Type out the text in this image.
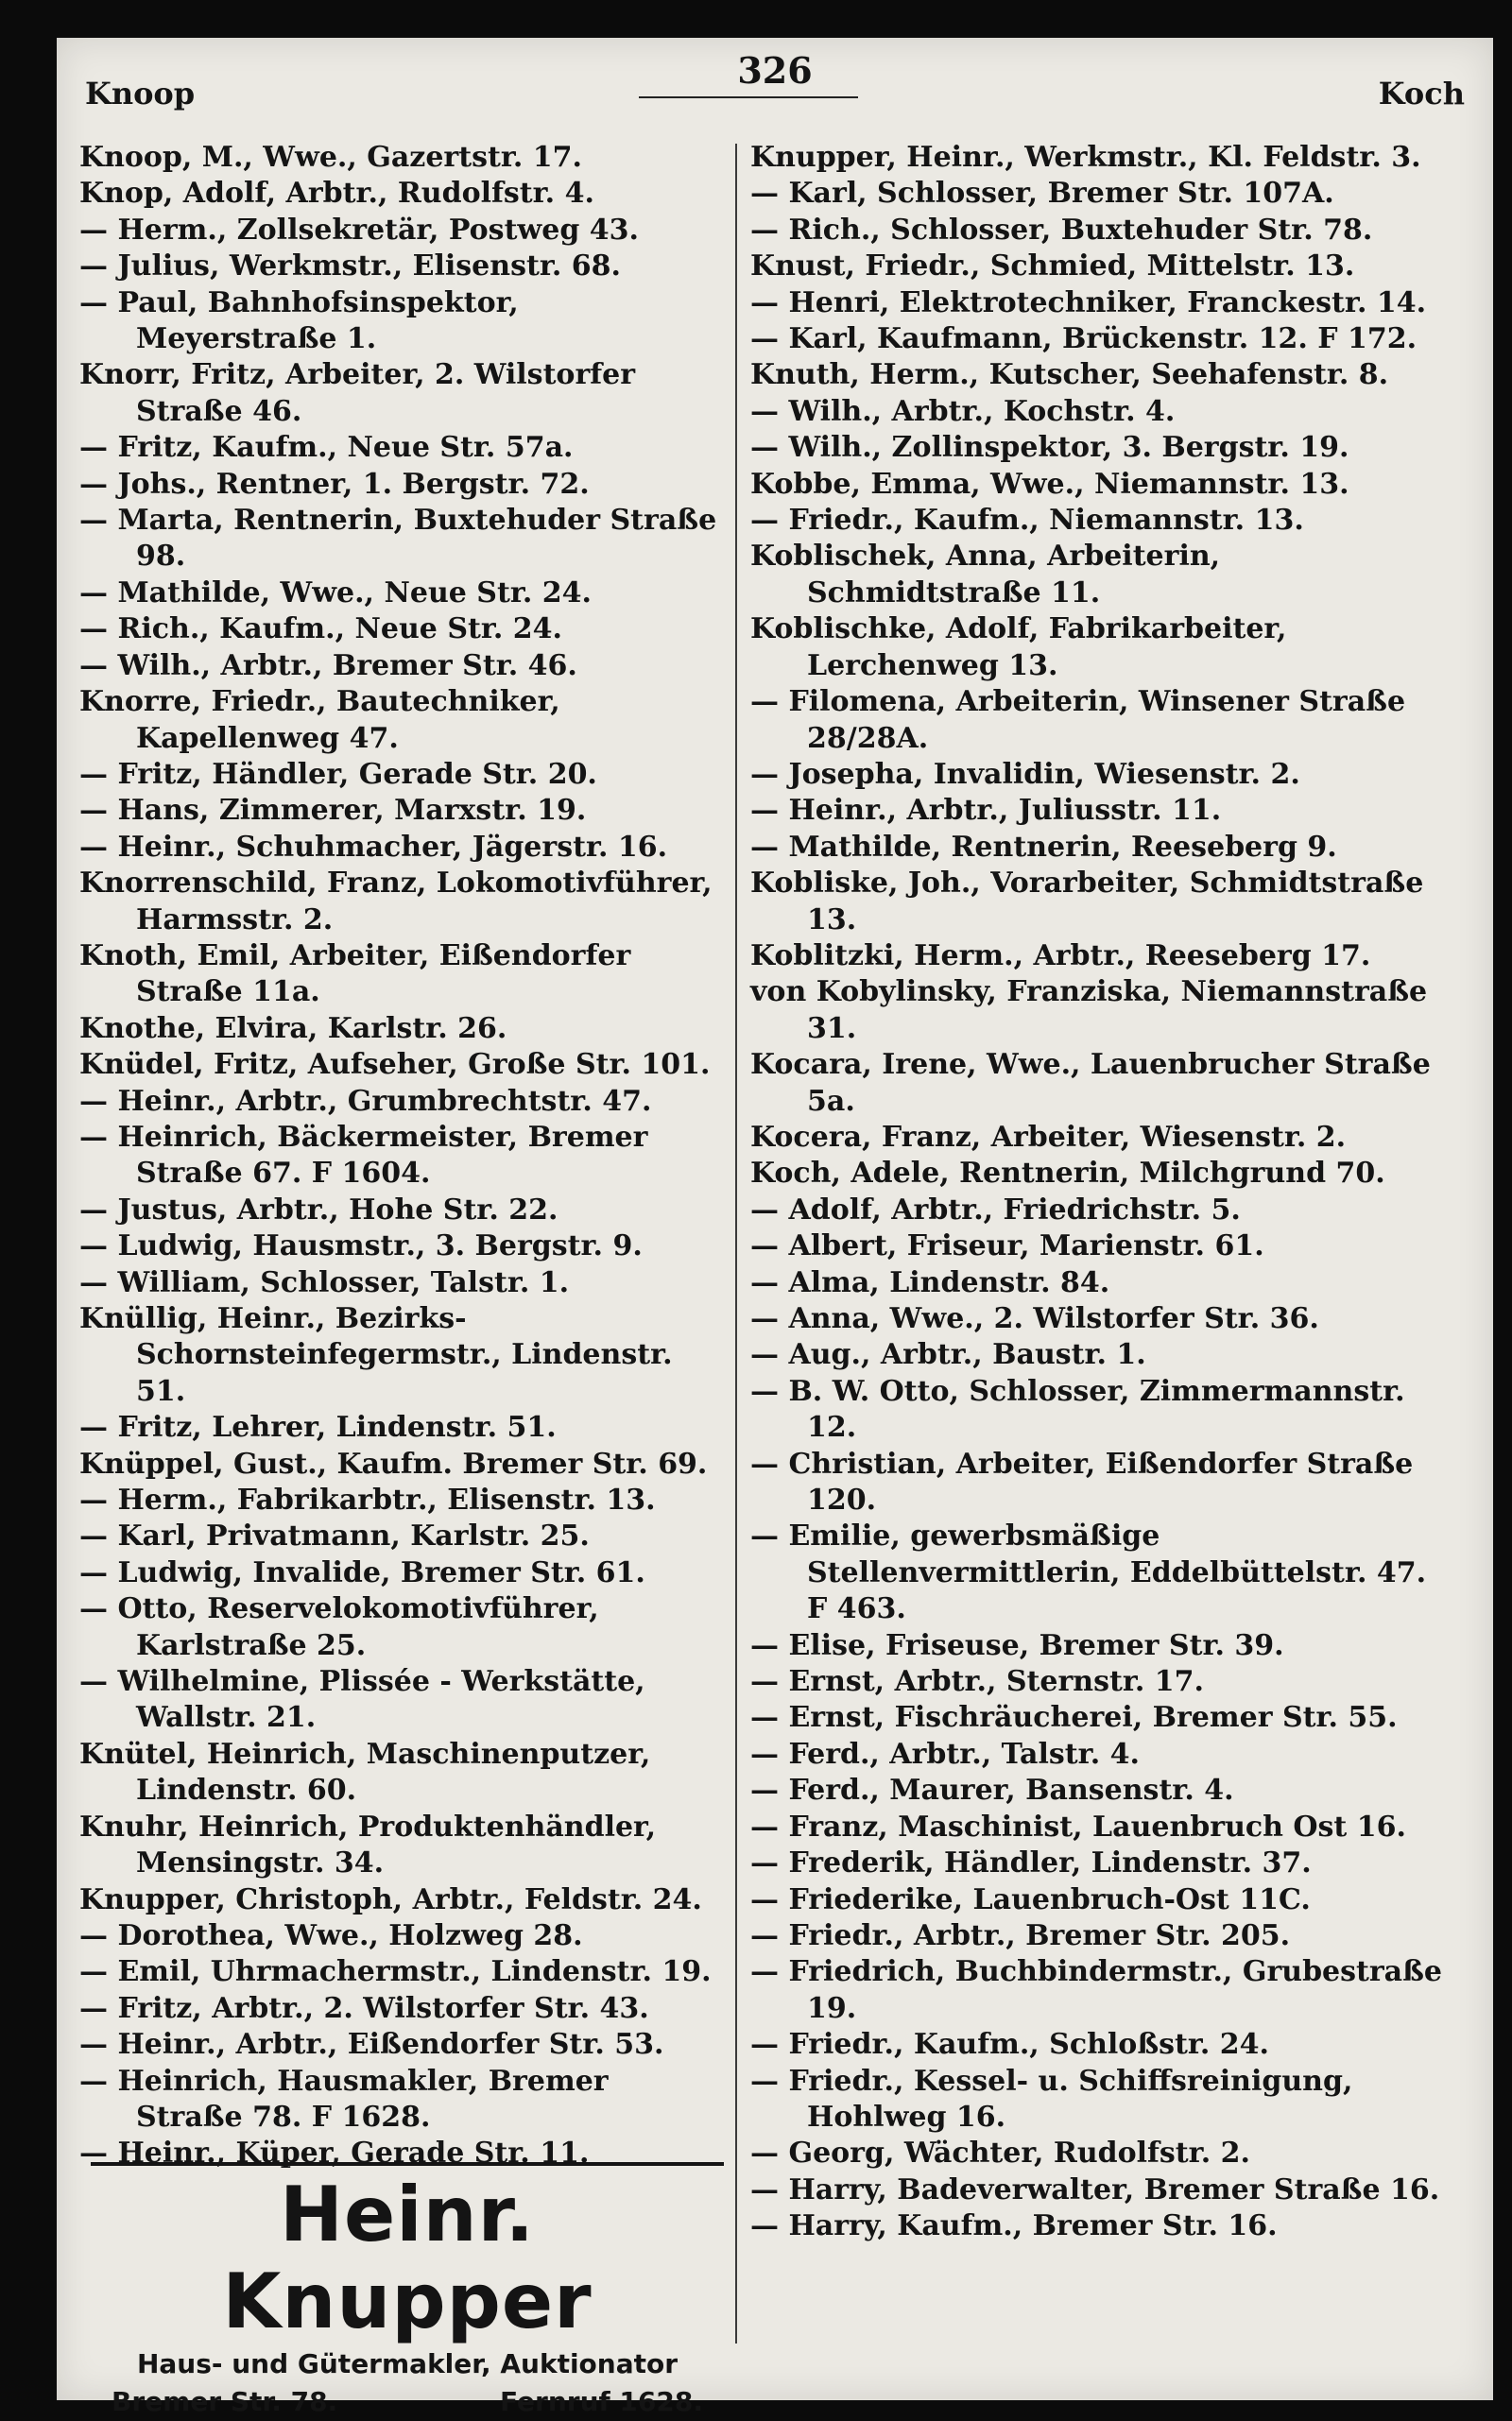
Knoop
326
Koch
Knoop, M., Wwe., Gazertstr. 17.
Knop, Adolf, Arbtr., Rudolfstr. 4.
— Herm., Zollsekretär, Postweg 43.
— Julius, Werkmstr., Elisenstr. 68.
— Paul, Bahnhofsinspektor, Meyerstraße 1.
Knorr, Fritz, Arbeiter, 2. Wilstorfer Straße 46.
— Fritz, Kaufm., Neue Str. 57a.
— Johs., Rentner, 1. Bergstr. 72.
— Marta, Rentnerin, Buxtehuder Straße 98.
— Mathilde, Wwe., Neue Str. 24.
— Rich., Kaufm., Neue Str. 24.
— Wilh., Arbtr., Bremer Str. 46.
Knorre, Friedr., Bautechniker, Kapellenweg 47.
— Fritz, Händler, Gerade Str. 20.
— Hans, Zimmerer, Marxstr. 19.
— Heinr., Schuhmacher, Jägerstr. 16.
Knorrenschild, Franz, Lokomotivführer, Harmsstr. 2.
Knoth, Emil, Arbeiter, Eißendorfer Straße 11a.
Knothe, Elvira, Karlstr. 26.
Knüdel, Fritz, Aufseher, Große Str. 101.
— Heinr., Arbtr., Grumbrechtstr. 47.
— Heinrich, Bäckermeister, Bremer Straße 67. F 1604.
— Justus, Arbtr., Hohe Str. 22.
— Ludwig, Hausmstr., 3. Bergstr. 9.
— William, Schlosser, Talstr. 1.
Knüllig, Heinr., Bezirks-Schornsteinfegermstr., Lindenstr. 51.
— Fritz, Lehrer, Lindenstr. 51.
Knüppel, Gust., Kaufm. Bremer Str. 69.
— Herm., Fabrikarbtr., Elisenstr. 13.
— Karl, Privatmann, Karlstr. 25.
— Ludwig, Invalide, Bremer Str. 61.
— Otto, Reservelokomotivführer, Karlstraße 25.
— Wilhelmine, Plissée - Werkstätte, Wallstr. 21.
Knütel, Heinrich, Maschinenputzer, Lindenstr. 60.
Knuhr, Heinrich, Produktenhändler, Mensingstr. 34.
Knupper, Christoph, Arbtr., Feldstr. 24.
— Dorothea, Wwe., Holzweg 28.
— Emil, Uhrmachermstr., Lindenstr. 19.
— Fritz, Arbtr., 2. Wilstorfer Str. 43.
— Heinr., Arbtr., Eißendorfer Str. 53.
— Heinrich, Hausmakler, Bremer Straße 78. F 1628.
— Heinr., Küper, Gerade Str. 11.
Knupper, Heinr., Werkmstr., Kl. Feldstr. 3.
— Karl, Schlosser, Bremer Str. 107A.
— Rich., Schlosser, Buxtehuder Str. 78.
Knust, Friedr., Schmied, Mittelstr. 13.
— Henri, Elektrotechniker, Franckestr. 14.
— Karl, Kaufmann, Brückenstr. 12. F 172.
Knuth, Herm., Kutscher, Seehafenstr. 8.
— Wilh., Arbtr., Kochstr. 4.
— Wilh., Zollinspektor, 3. Bergstr. 19.
Kobbe, Emma, Wwe., Niemannstr. 13.
— Friedr., Kaufm., Niemannstr. 13.
Koblischek, Anna, Arbeiterin, Schmidtstraße 11.
Koblischke, Adolf, Fabrikarbeiter, Lerchenweg 13.
— Filomena, Arbeiterin, Winsener Straße 28/28A.
— Josepha, Invalidin, Wiesenstr. 2.
— Heinr., Arbtr., Juliusstr. 11.
— Mathilde, Rentnerin, Reeseberg 9.
Kobliske, Joh., Vorarbeiter, Schmidtstraße 13.
Koblitzki, Herm., Arbtr., Reeseberg 17.
von Kobylinsky, Franziska, Niemannstraße 31.
Kocara, Irene, Wwe., Lauenbrucher Straße 5a.
Kocera, Franz, Arbeiter, Wiesenstr. 2.
Koch, Adele, Rentnerin, Milchgrund 70.
— Adolf, Arbtr., Friedrichstr. 5.
— Albert, Friseur, Marienstr. 61.
— Alma, Lindenstr. 84.
— Anna, Wwe., 2. Wilstorfer Str. 36.
— Aug., Arbtr., Baustr. 1.
— B. W. Otto, Schlosser, Zimmermannstr. 12.
— Christian, Arbeiter, Eißendorfer Straße 120.
— Emilie, gewerbsmäßige Stellenvermittlerin, Eddelbüttelstr. 47. F 463.
— Elise, Friseuse, Bremer Str. 39.
— Ernst, Arbtr., Sternstr. 17.
— Ernst, Fischräucherei, Bremer Str. 55.
— Ferd., Arbtr., Talstr. 4.
— Ferd., Maurer, Bansenstr. 4.
— Franz, Maschinist, Lauenbruch Ost 16.
— Frederik, Händler, Lindenstr. 37.
— Friederike, Lauenbruch-Ost 11C.
— Friedr., Arbtr., Bremer Str. 205.
— Friedrich, Buchbindermstr., Grubestraße 19.
— Friedr., Kaufm., Schloßstr. 24.
— Friedr., Kessel- u. Schiffsreinigung, Hohlweg 16.
— Georg, Wächter, Rudolfstr. 2.
— Harry, Badeverwalter, Bremer Straße 16.
— Harry, Kaufm., Bremer Str. 16.
Heinr. Knupper
Haus- und Gütermakler, Auktionator
Bremer Str. 78.	Fernruf 1628.
